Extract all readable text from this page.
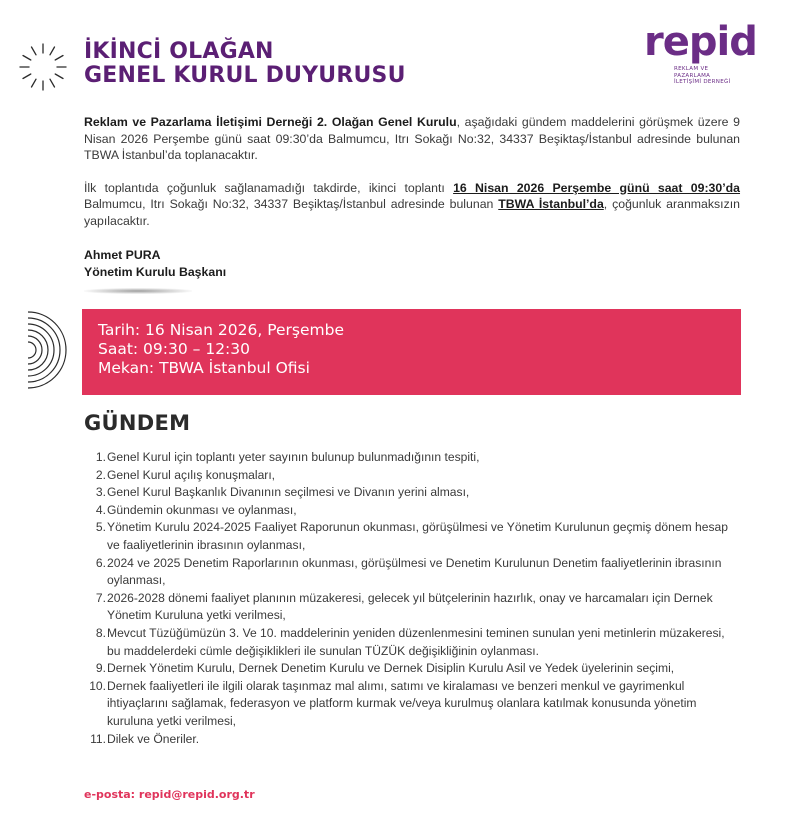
İKİNCİ OLAĞAN
GENEL KURUL DUYURUSU
repid
REKLAM VE
PAZARLAMA
İLETİŞİMİ DERNEĞİ

Reklam ve Pazarlama İletişimi Derneği 2. Olağan Genel Kurulu, aşağıdaki gündem maddelerini görüşmek üzere 9 Nisan 2026 Perşembe günü saat 09:30’da Balmumcu, Itrı Sokağı No:32, 34337 Beşiktaş/İstanbul adresinde bulunan TBWA İstanbul’da toplanacaktır.

İlk toplantıda çoğunluk sağlanamadığı takdirde, ikinci toplantı 16 Nisan 2026 Perşembe günü saat 09:30’da Balmumcu, Itrı Sokağı No:32, 34337 Beşiktaş/İstanbul adresinde bulunan TBWA İstanbul’da, çoğunluk aranmaksızın yapılacaktır.

Ahmet PURA
Yönetim Kurulu Başkanı
Tarih: 16 Nisan 2026, Perşembe
Saat: 09:30 – 12:30
Mekan: TBWA İstanbul Ofisi
GÜNDEM
1. Genel Kurul için toplantı yeter sayının bulunup bulunmadığının tespiti,
2. Genel Kurul açılış konuşmaları,
3. Genel Kurul Başkanlık Divanının seçilmesi ve Divanın yerini alması,
4. Gündemin okunması ve oylanması,
5. Yönetim Kurulu 2024-2025 Faaliyet Raporunun okunması, görüşülmesi ve Yönetim Kurulunun geçmiş dönem hesap ve faaliyetlerinin ibrasının oylanması,
6. 2024 ve 2025 Denetim Raporlarının okunması, görüşülmesi ve Denetim Kurulunun Denetim faaliyetlerinin ibrasının oylanması,
7. 2026-2028 dönemi faaliyet planının müzakeresi, gelecek yıl bütçelerinin hazırlık, onay ve harcamaları için Dernek Yönetim Kuruluna yetki verilmesi,
8. Mevcut Tüzüğümüzün 3. Ve 10. maddelerinin yeniden düzenlenmesini teminen sunulan yeni metinlerin müzakeresi, bu maddelerdeki cümle değişiklikleri ile sunulan TÜZÜK değişikliğinin oylanması.
9. Dernek Yönetim Kurulu, Dernek Denetim Kurulu ve Dernek Disiplin Kurulu Asil ve Yedek üyelerinin seçimi,
10. Dernek faaliyetleri ile ilgili olarak taşınmaz mal alımı, satımı ve kiralaması ve benzeri menkul ve gayrimenkul ihtiyaçlarını sağlamak, federasyon ve platform kurmak ve/veya kurulmuş olanlara katılmak konusunda yönetim kuruluna yetki verilmesi,
11. Dilek ve Öneriler.
e-posta: repid@repid.org.tr
